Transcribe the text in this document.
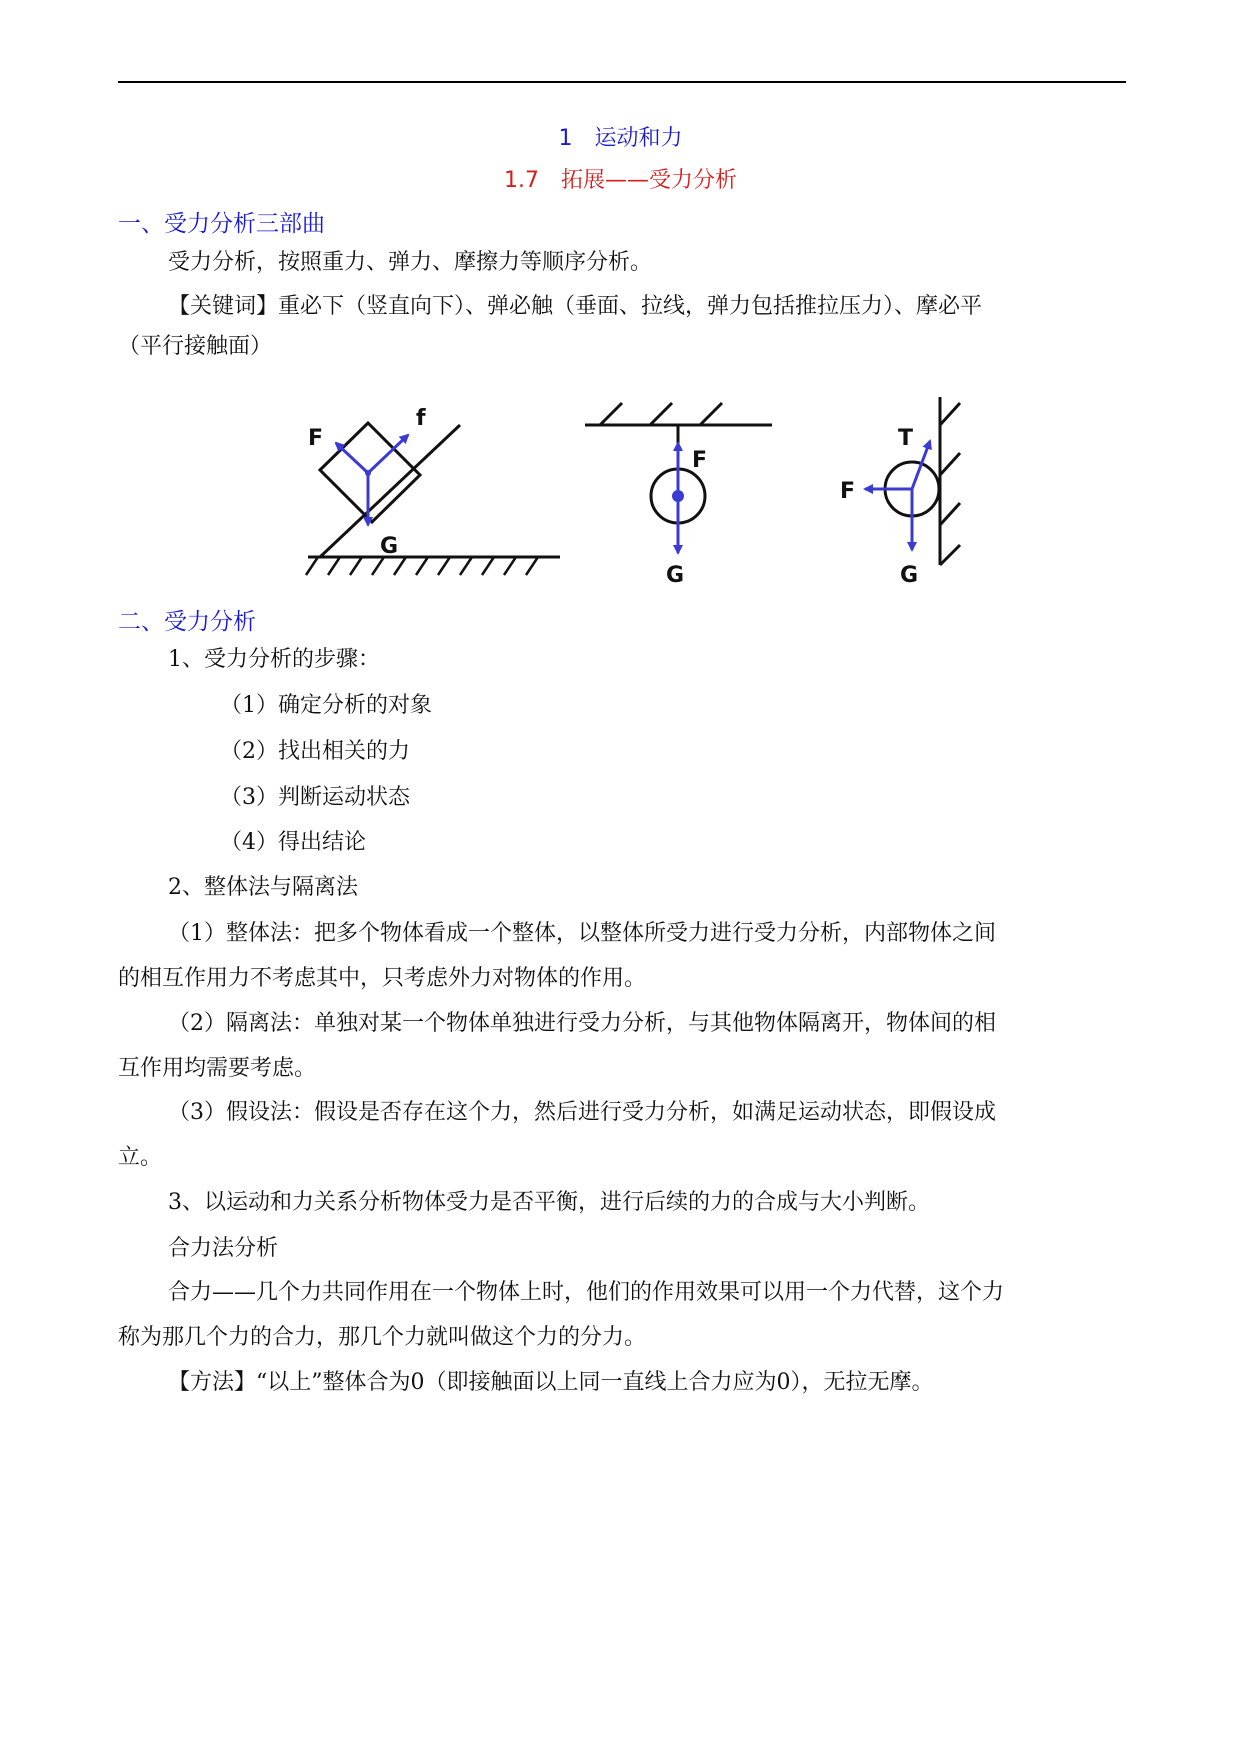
1　运动和力
1.7　拓展——受力分析
一、受力分析三部曲
受力分析，按照重力、弹力、摩擦力等顺序分析。
【关键词】重必下（竖直向下）、弹必触（垂面、拉线，弹力包括推拉压力）、摩必平
（平行接触面）
F
f
G
F
G
T
F
G
二、受力分析
1、受力分析的步骤：
（1）确定分析的对象
（2）找出相关的力
（3）判断运动状态
（4）得出结论
2、整体法与隔离法
（1）整体法：把多个物体看成一个整体，以整体所受力进行受力分析，内部物体之间
的相互作用力不考虑其中，只考虑外力对物体的作用。
（2）隔离法：单独对某一个物体单独进行受力分析，与其他物体隔离开，物体间的相
互作用均需要考虑。
（3）假设法：假设是否存在这个力，然后进行受力分析，如满足运动状态，即假设成
立。
3、以运动和力关系分析物体受力是否平衡，进行后续的力的合成与大小判断。
合力法分析
合力——几个力共同作用在一个物体上时，他们的作用效果可以用一个力代替，这个力
称为那几个力的合力，那几个力就叫做这个力的分力。
【方法】“以上”整体合为0（即接触面以上同一直线上合力应为0），无拉无摩。
